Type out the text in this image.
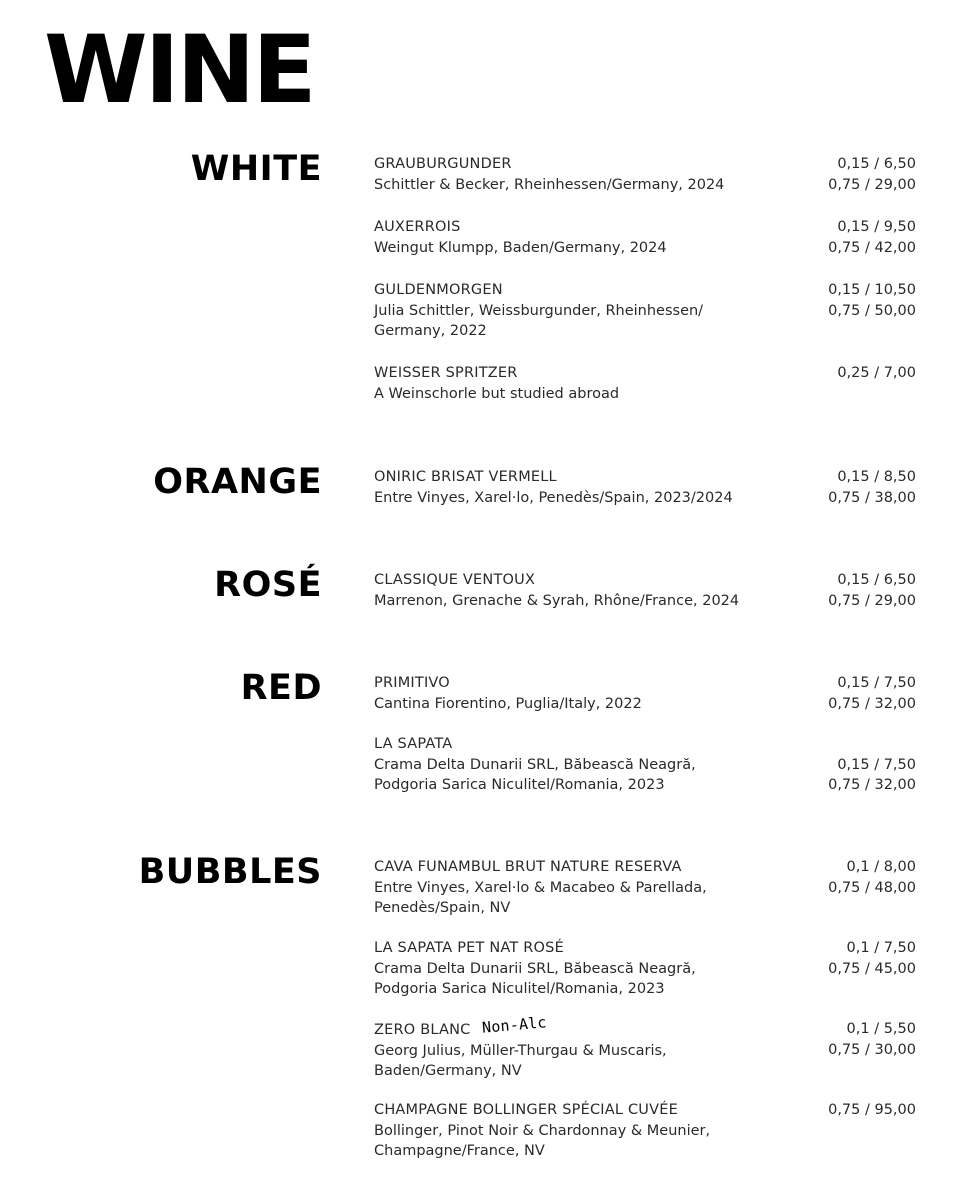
WINE
WHITE	GRAUBURGUNDER
Schittler & Becker, Rheinhessen/Germany, 2024
0,15 / 6,50
0,75 / 29,00
AUXERROIS
Weingut Klumpp, Baden/Germany, 2024
0,15 / 9,50
0,75 / 42,00
GULDENMORGEN
Julia Schittler, Weissburgunder, Rheinhessen/
Germany, 2022
0,15 / 10,50
0,75 / 50,00
WEISSER SPRITZER
A Weinschorle but studied abroad
0,25 / 7,00
ORANGE	ONIRIC BRISAT VERMELL
Entre Vinyes, Xarel·lo, Penedès/Spain, 2023/2024
0,15 / 8,50
0,75 / 38,00
ROSÉ	CLASSIQUE VENTOUX
Marrenon, Grenache & Syrah, Rhône/France, 2024
0,15 / 6,50
0,75 / 29,00
RED	PRIMITIVO
Cantina Fiorentino, Puglia/Italy, 2022
0,15 / 7,50
0,75 / 32,00
LA SAPATA
Crama Delta Dunarii SRL, Băbească Neagră,
Podgoria Sarica Niculitel/Romania, 2023

0,15 / 7,50
0,75 / 32,00
BUBBLES	CAVA FUNAMBUL BRUT NATURE RESERVA
Entre Vinyes, Xarel·lo & Macabeo & Parellada,
Penedès/Spain, NV
0,1 / 8,00
0,75 / 48,00
LA SAPATA PET NAT ROSÉ
Crama Delta Dunarii SRL, Băbească Neagră,
Podgoria Sarica Niculitel/Romania, 2023
0,1 / 7,50
0,75 / 45,00
ZERO BLANC Non-Alc
Georg Julius, Müller-Thurgau & Muscaris,
Baden/Germany, NV
0,1 / 5,50
0,75 / 30,00
CHAMPAGNE BOLLINGER SPÉCIAL CUVÉE
Bollinger, Pinot Noir & Chardonnay & Meunier,
Champagne/France, NV
0,75 / 95,00
